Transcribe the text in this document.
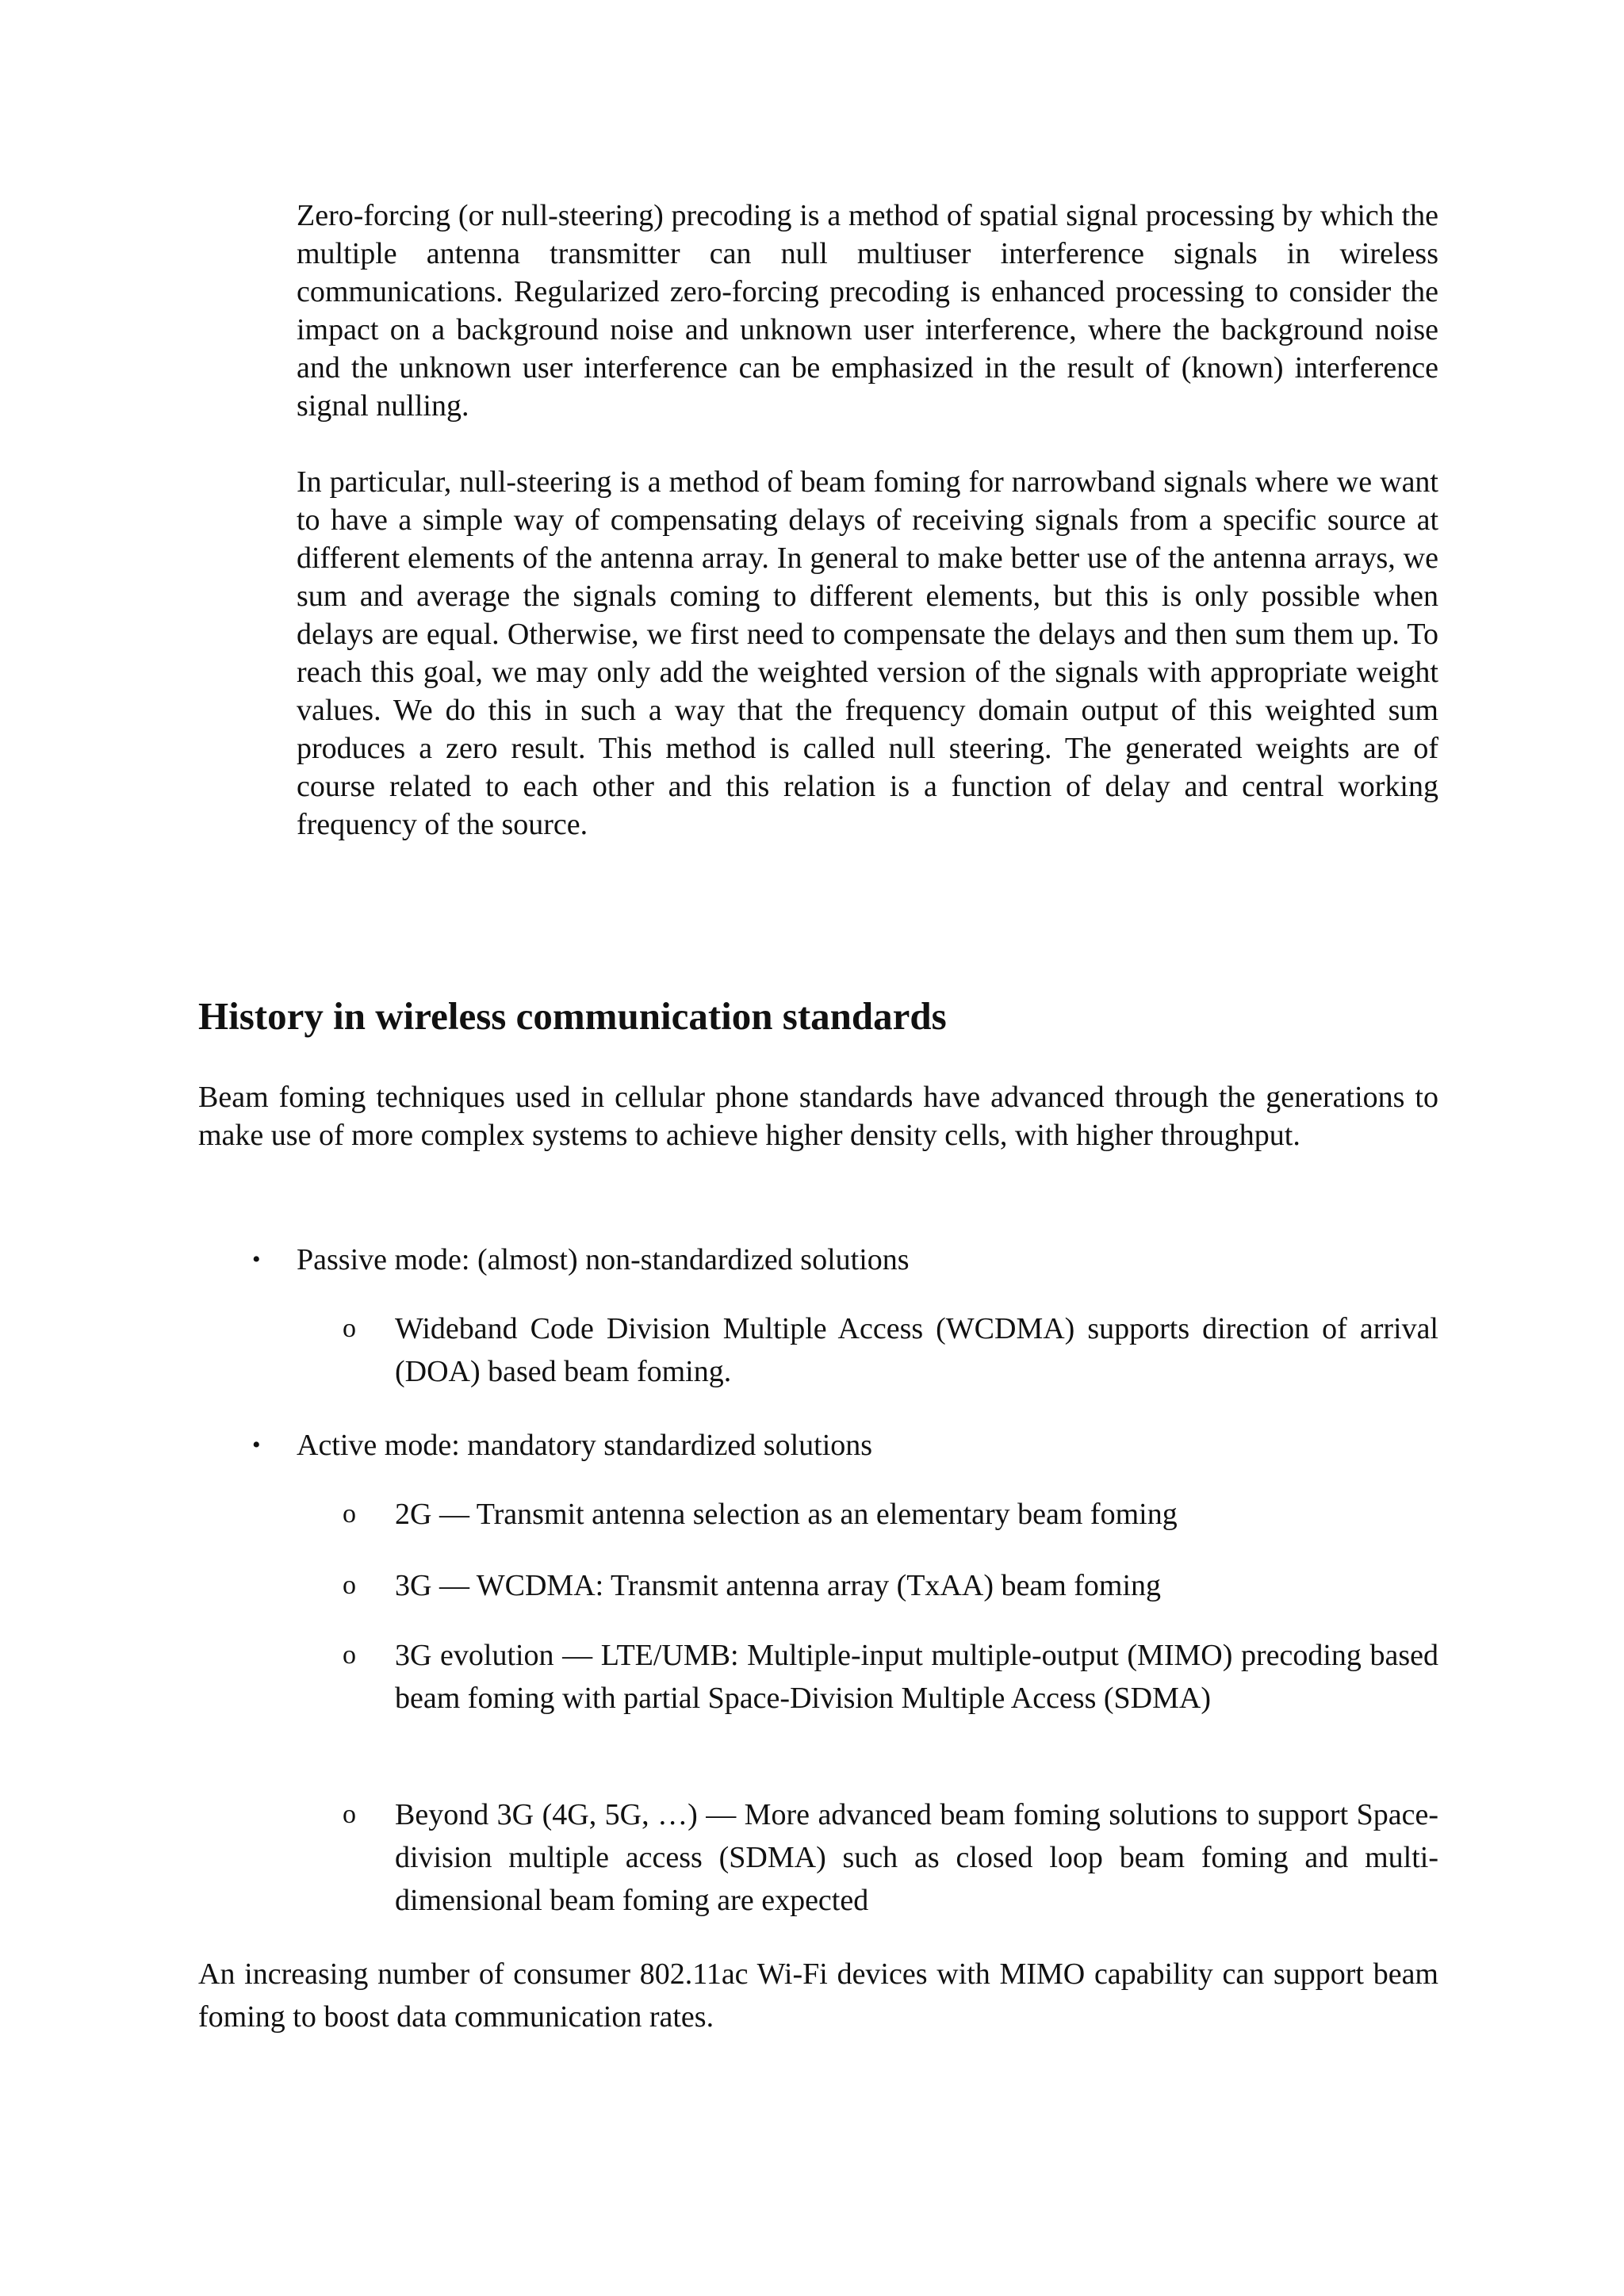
Zero-forcing (or null-steering) precoding is a method of spatial signal processing by which the multiple antenna transmitter can null multiuser interference signals in wireless communications. Regularized zero-forcing precoding is enhanced processing to consider the impact on a background noise and unknown user interference, where the background noise and the unknown user interference can be emphasized in the result of (known) interference signal nulling.

In particular, null-steering is a method of beam foming for narrowband signals where we want to have a simple way of compensating delays of receiving signals from a specific source at different elements of the antenna array. In general to make better use of the antenna arrays, we sum and average the signals coming to different elements, but this is only possible when delays are equal. Otherwise, we first need to compensate the delays and then sum them up. To reach this goal, we may only add the weighted version of the signals with appropriate weight values. We do this in such a way that the frequency domain output of this weighted sum produces a zero result. This method is called null steering. The generated weights are of course related to each other and this relation is a function of delay and central working frequency of the source.

History in wireless communication standards

Beam foming techniques used in cellular phone standards have advanced through the generations to make use of more complex systems to achieve higher density cells, with higher throughput.

• Passive mode: (almost) non-standardized solutions
o Wideband Code Division Multiple Access (WCDMA) supports direction of arrival (DOA) based beam foming.
• Active mode: mandatory standardized solutions
o 2G — Transmit antenna selection as an elementary beam foming
o 3G — WCDMA: Transmit antenna array (TxAA) beam foming
o 3G evolution — LTE/UMB: Multiple-input multiple-output (MIMO) precoding based beam foming with partial Space-Division Multiple Access (SDMA)
o Beyond 3G (4G, 5G, …) — More advanced beam foming solutions to support Space-division multiple access (SDMA) such as closed loop beam foming and multi-dimensional beam foming are expected

An increasing number of consumer 802.11ac Wi-Fi devices with MIMO capability can support beam foming to boost data communication rates.
